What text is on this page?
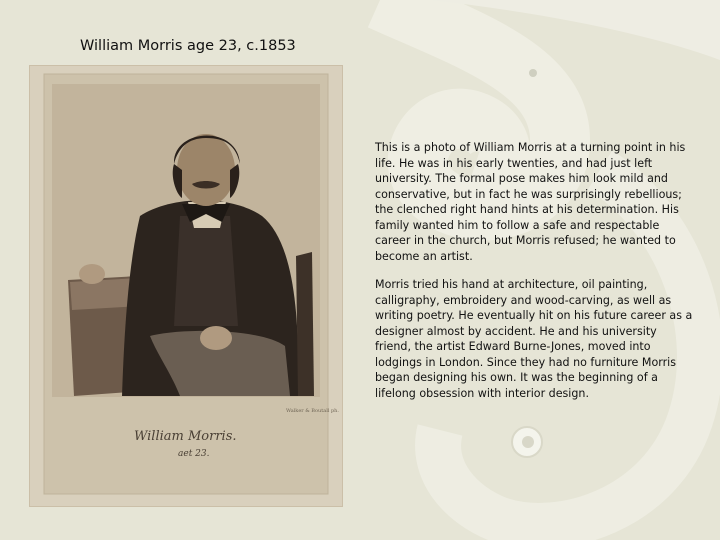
William Morris age 23, c.1853
Walker & Boutall ph.
William Morris.
aet 23.

This is a photo of William Morris at a turning point in his life. He was in his early twenties, and had just left university. The formal pose makes him look mild and conservative, but in fact he was surprisingly rebellious; the clenched right hand hints at his determination. His family wanted him to follow a safe and respectable career in the church, but Morris refused; he wanted to become an artist.

Morris tried his hand at architecture, oil painting, calligraphy, embroidery and wood-carving, as well as writing poetry. He eventually hit on his future career as a designer almost by accident. He and his university friend, the artist Edward Burne-Jones, moved into lodgings in London. Since they had no furniture Morris began designing his own. It was the beginning of a lifelong obsession with interior design.
